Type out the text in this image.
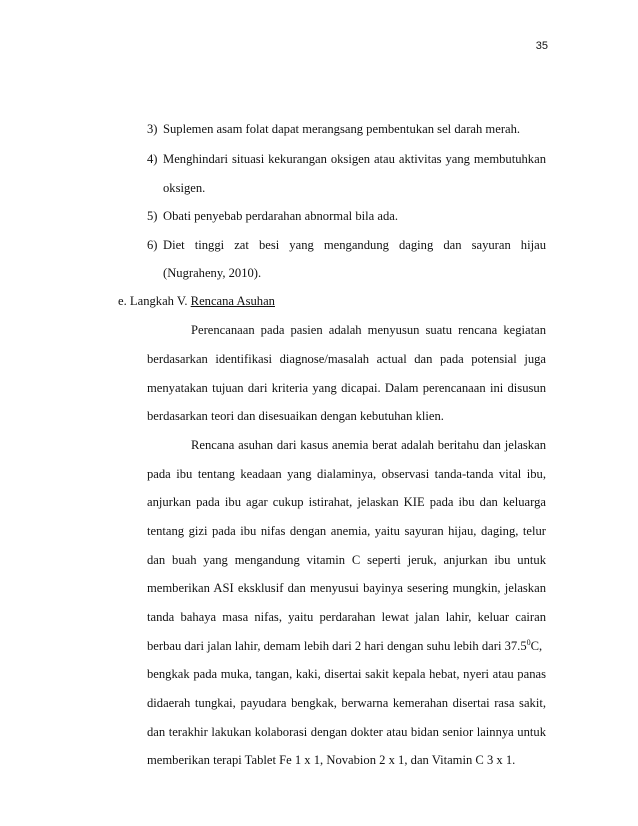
35
3) Suplemen asam folat dapat merangsang pembentukan sel darah merah.
4) Menghindari situasi kekurangan oksigen atau aktivitas yang membutuhkan
oksigen.
5) Obati penyebab perdarahan abnormal bila ada.
6) Diet tinggi zat besi yang mengandung daging dan sayuran hijau
(Nugraheny, 2010).
e. Langkah V. Rencana Asuhan
Perencanaan pada pasien adalah menyusun suatu rencana kegiatan
berdasarkan identifikasi diagnose/masalah actual dan pada potensial juga
menyatakan tujuan dari kriteria yang dicapai. Dalam perencanaan ini disusun
berdasarkan teori dan disesuaikan dengan kebutuhan klien.
Rencana asuhan dari kasus anemia berat adalah beritahu dan jelaskan
pada ibu tentang keadaan yang dialaminya, observasi tanda-tanda vital ibu,
anjurkan pada ibu agar cukup istirahat, jelaskan KIE pada ibu dan keluarga
tentang gizi pada ibu nifas dengan anemia, yaitu sayuran hijau, daging, telur
dan buah yang mengandung vitamin C seperti jeruk, anjurkan ibu untuk
memberikan ASI eksklusif dan menyusui bayinya sesering mungkin, jelaskan
tanda bahaya masa nifas, yaitu perdarahan lewat jalan lahir, keluar cairan
berbau dari jalan lahir, demam lebih dari 2 hari dengan suhu lebih dari 37.5$^0$C,
bengkak pada muka, tangan, kaki, disertai sakit kepala hebat, nyeri atau panas
didaerah tungkai, payudara bengkak, berwarna kemerahan disertai rasa sakit,
dan terakhir lakukan kolaborasi dengan dokter atau bidan senior lainnya untuk
memberikan terapi Tablet Fe 1 x 1, Novabion 2 x 1, dan Vitamin C 3 x 1.
